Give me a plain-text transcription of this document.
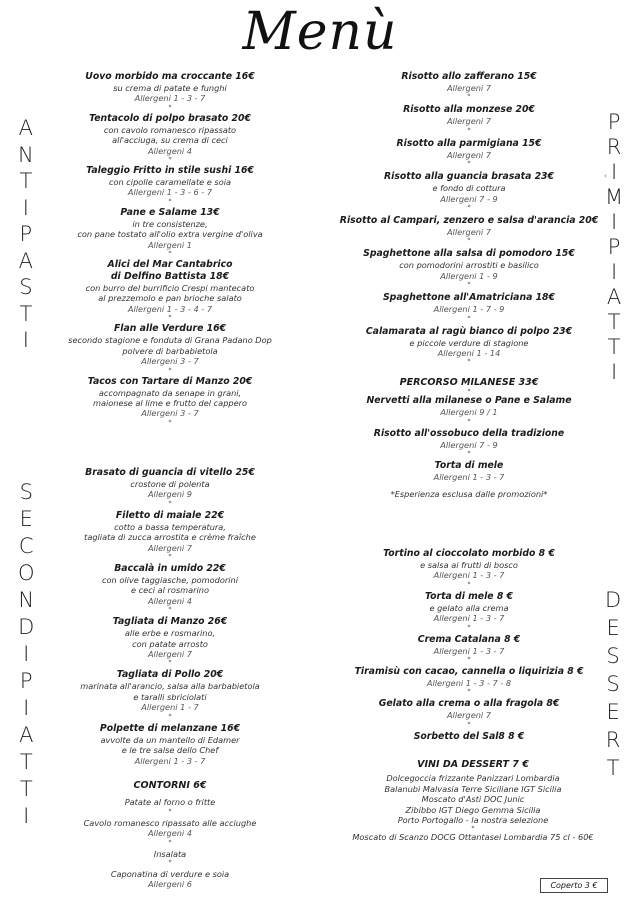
Menù
A
N
T
I
P
A
S
T
I
P
R
I
M
I
P
I
A
T
T
I
S
E
C
O
N
D
I
P
I
A
T
T
I
D
E
S
S
E
R
T
Uovo morbido ma croccante 16€
su crema di patate e funghi
Allergeni 1 - 3 - 7
*
Tentacolo di polpo brasato 20€
con cavolo romanesco ripassato
all'acciuga, su crema di ceci
Allergeni 4
*
Taleggio Fritto in stile sushi 16€
con cipolle caramellate e soia
Allergeni 1 - 3 - 6 - 7
*
Pane e Salame 13€
in tre consistenze,
con pane tostato all'olio extra vergine d'oliva
Allergeni 1
*
Alici del Mar Cantabrico
di Delfino Battista 18€
con burro del burrificio Crespi mantecato
al prezzemolo e pan brioche salato
Allergeni 1 - 3 - 4 - 7
*
Flan alle Verdure 16€
secondo stagione e fonduta di Grana Padano Dop
polvere di barbabietola
Allergeni 3 - 7
*
Tacos con Tartare di Manzo 20€
accompagnato da senape in grani,
maionese al lime e frutto del cappero
Allergeni 3 - 7
*
Risotto allo zafferano 15€
Allergeni 7
*
Risotto alla monzese 20€
Allergeni 7
*
Risotto alla parmigiana 15€
Allergeni 7
*
Risotto alla guancia brasata 23€
e fondo di cottura
Allergeni 7 - 9
*
Risotto al Campari, zenzero e salsa d'arancia 20€
Allergeni 7
*
Spaghettone alla salsa di pomodoro 15€
con pomodorini arrostiti e basilico
Allergeni 1 - 9
*
Spaghettone all'Amatriciana 18€
Allergeni 1 - 7 - 9
*
Calamarata al ragù bianco di polpo 23€
e piccole verdure di stagione
Allergeni 1 - 14
*
PERCORSO MILANESE 33€
*
Nervetti alla milanese o Pane e Salame
Allergeni 9 / 1
*
Risotto all'ossobuco della tradizione
Allergeni 7 - 9
*
Torta di mele
Allergeni 1 - 3 - 7
*Esperienza esclusa dalle promozioni*
Brasato di guancia di vitello 25€
crostone di polenta
Allergeni 9
*
Filetto di maiale 22€
cotto a bassa temperatura,
tagliata di zucca arrostita e crème fraîche
Allergeni 7
*
Baccalà in umido 22€
con olive taggiasche, pomodorini
e ceci al rosmarino
Allergeni 4
*
Tagliata di Manzo 26€
alle erbe e rosmarino,
con patate arrosto
Allergeni 7
*
Tagliata di Pollo 20€
marinata all'arancio, salsa alla barbabietola
e taralli sbriciolati
Allergeni 1 - 7
*
Polpette di melanzane 16€
avvolte da un mantello di Edamer
e le tre salse dello Chef
Allergeni 1 - 3 - 7
CONTORNI 6€
Patate al forno o fritte
*
Cavolo romanesco ripassato alle acciughe
Allergeni 4
*
Insalata
*
Caponatina di verdure e soia
Allergeni 6
Tortino al cioccolato morbido 8 €
e salsa ai frutti di bosco
Allergeni 1 - 3 - 7
*
Torta di mele 8 €
e gelato alla crema
Allergeni 1 - 3 - 7
*
Crema Catalana 8 €
Allergeni 1 - 3 - 7
*
Tiramisù con cacao, cannella o liquirizia 8 €
Allergeni 1 - 3 - 7 - 8
*
Gelato alla crema o alla fragola 8€
Allergeni 7
*
Sorbetto del Sal8 8 €
VINI DA DESSERT 7 €
Dolcegoccia frizzante Panizzari Lombardia
Balanubi Malvasia Terre Siciliane IGT Sicilia
Moscato d'Asti DOC Junic
Zibibbo IGT Diego Gemma Sicilia
Porto Portogallo - la nostra selezione
*
Moscato di Scanzo DOCG Ottantasei Lombardia 75 cl - 60€
‹
Coperto 3 €
